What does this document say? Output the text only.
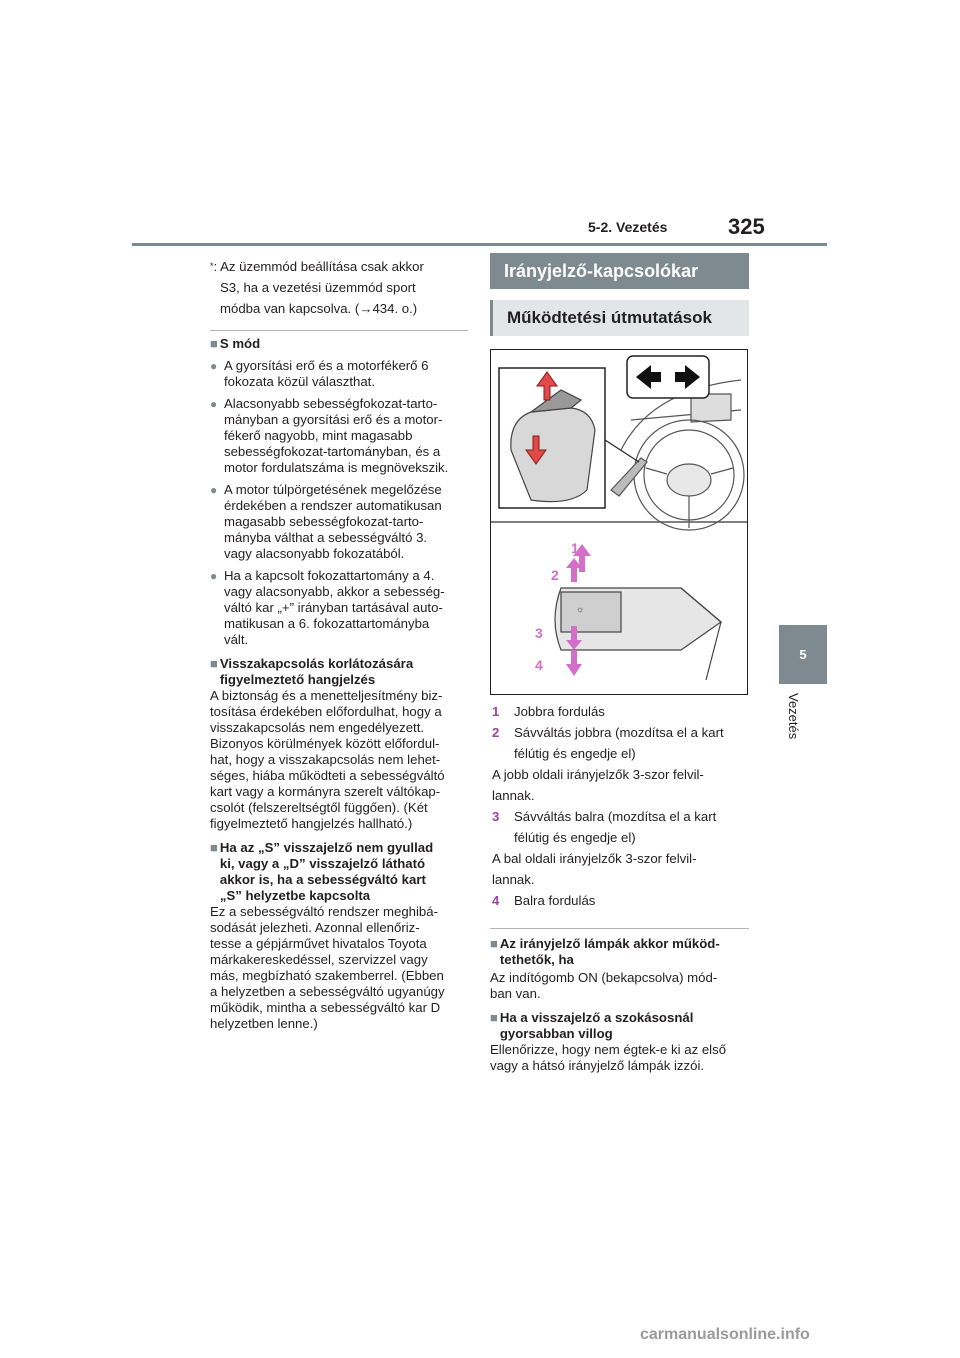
5-2. Vezetés	325
5
Vezetés
*: Az üzemmód beállítása csak akkor
S3, ha a vezetési üzemmód sport
módba van kapcsolva. (→434. o.)
■ S mód
● A gyorsítási erő és a motorfékerő 6
fokozata közül választhat.
● Alacsonyabb sebességfokozat-tarto-
mányban a gyorsítási erő és a motor-
fékerő nagyobb, mint magasabb
sebességfokozat-tartományban, és a
motor fordulatszáma is megnövekszik.
● A motor túlpörgetésének megelőzése
érdekében a rendszer automatikusan
magasabb sebességfokozat-tarto-
mányba válthat a sebességváltó 3.
vagy alacsonyabb fokozatából.
● Ha a kapcsolt fokozattartomány a 4.
vagy alacsonyabb, akkor a sebesség-
váltó kar „+” irányban tartásával auto-
matikusan a 6. fokozattartományba
vált.
■ Visszakapcsolás korlátozására
figyelmeztető hangjelzés
A biztonság és a menetteljesítmény biz-
tosítása érdekében előfordulhat, hogy a
visszakapcsolás nem engedélyezett.
Bizonyos körülmények között előfordul-
hat, hogy a visszakapcsolás nem lehet-
séges, hiába működteti a sebességváltó
kart vagy a kormányra szerelt váltókap-
csolót (felszereltségtől függően). (Két
figyelmeztető hangjelzés hallható.)
■ Ha az „S” visszajelző nem gyullad
ki, vagy a „D” visszajelző látható
akkor is, ha a sebességváltó kart
„S” helyzetbe kapcsolta
Ez a sebességváltó rendszer meghibá-
sodását jelezheti. Azonnal ellenőriz-
tesse a gépjárművet hivatalos Toyota
márkakereskedéssel, szervizzel vagy
más, megbízható szakemberrel. (Ebben
a helyzetben a sebességváltó ugyanúgy
működik, mintha a sebességváltó kar D
helyzetben lenne.)
Irányjelző-kapcsolókar
Működtetési útmutatások
☼
1
2
3
4
1	Jobbra fordulás
2	Sávváltás jobbra (mozdítsa el a kart
félútig és engedje el)
A jobb oldali irányjelzők 3-szor felvil-
lannak.
3	Sávváltás balra (mozdítsa el a kart
félútig és engedje el)
A bal oldali irányjelzők 3-szor felvil-
lannak.
4	Balra fordulás
■ Az irányjelző lámpák akkor működ-
tethetők, ha
Az indítógomb ON (bekapcsolva) mód-
ban van.
■ Ha a visszajelző a szokásosnál
gyorsabban villog
Ellenőrizze, hogy nem égtek-e ki az első
vagy a hátsó irányjelző lámpák izzói.
carmanualsonline.info
